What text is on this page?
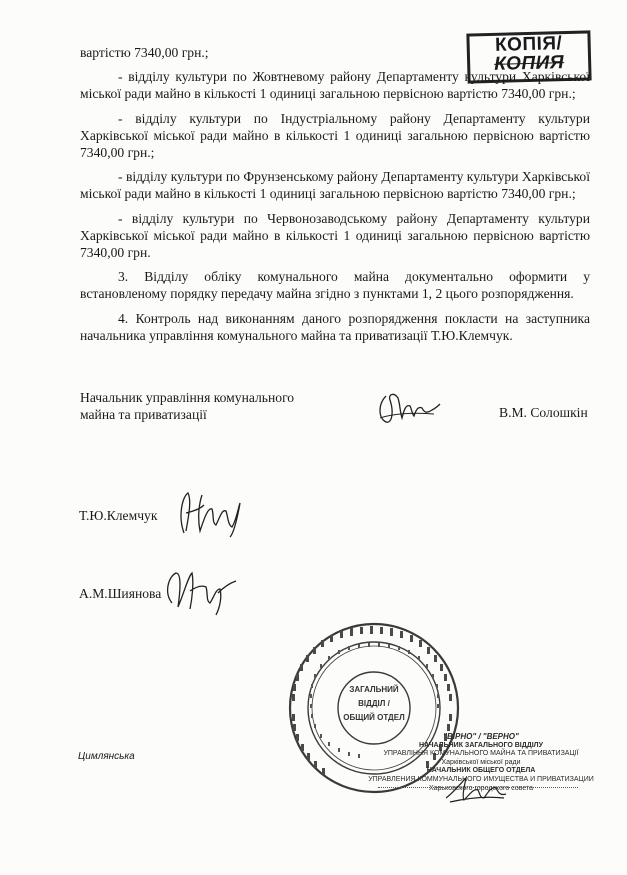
КОПІЯ/
КОПИЯ

вартістю 7340,00 грн.;

- відділу культури по Жовтневому району Департаменту культури Харківської міської ради майно в кількості 1 одиниці загальною первісною вартістю 7340,00 грн.;

- відділу культури по Індустріальному району Департаменту культури Харківської міської ради майно в кількості 1 одиниці загальною первісною вартістю 7340,00 грн.;

- відділу культури по Фрунзенському району Департаменту культури Харківської міської ради майно в кількості 1 одиниці загальною первісною вартістю 7340,00 грн.;

- відділу культури по Червонозаводському району Департаменту культури Харківської міської ради майно в кількості 1 одиниці загальною первісною вартістю 7340,00 грн.

3. Відділу обліку комунального майна документально оформити у встановленому порядку передачу майна згідно з пунктами 1, 2 цього розпорядження.

4. Контроль над виконанням даного розпорядження покласти на заступника начальника управління комунального майна та приватизації Т.Ю.Клемчук.

Начальник управління комунального
майна та приватизації	В.М. Солошкін
Т.Ю.Клемчук
А.М.Шиянова
Цимлянська
ЗАГАЛЬНИЙ
ВІДДІЛ /
ОБЩИЙ ОТДЕЛ
"ВІРНО" / "ВЕРНО"
НАЧАЛЬНИК ЗАГАЛЬНОГО ВІДДІЛУ
УПРАВЛІННЯ КОМУНАЛЬНОГО МАЙНА ТА ПРИВАТИЗАЦІЇ
Харківської міської ради
НАЧАЛЬНИК ОБЩЕГО ОТДЕЛА
УПРАВЛЕНИЯ КОММУНАЛЬНОГО ИМУЩЕСТВА И ПРИВАТИЗАЦИИ
Харьковского городского совета
